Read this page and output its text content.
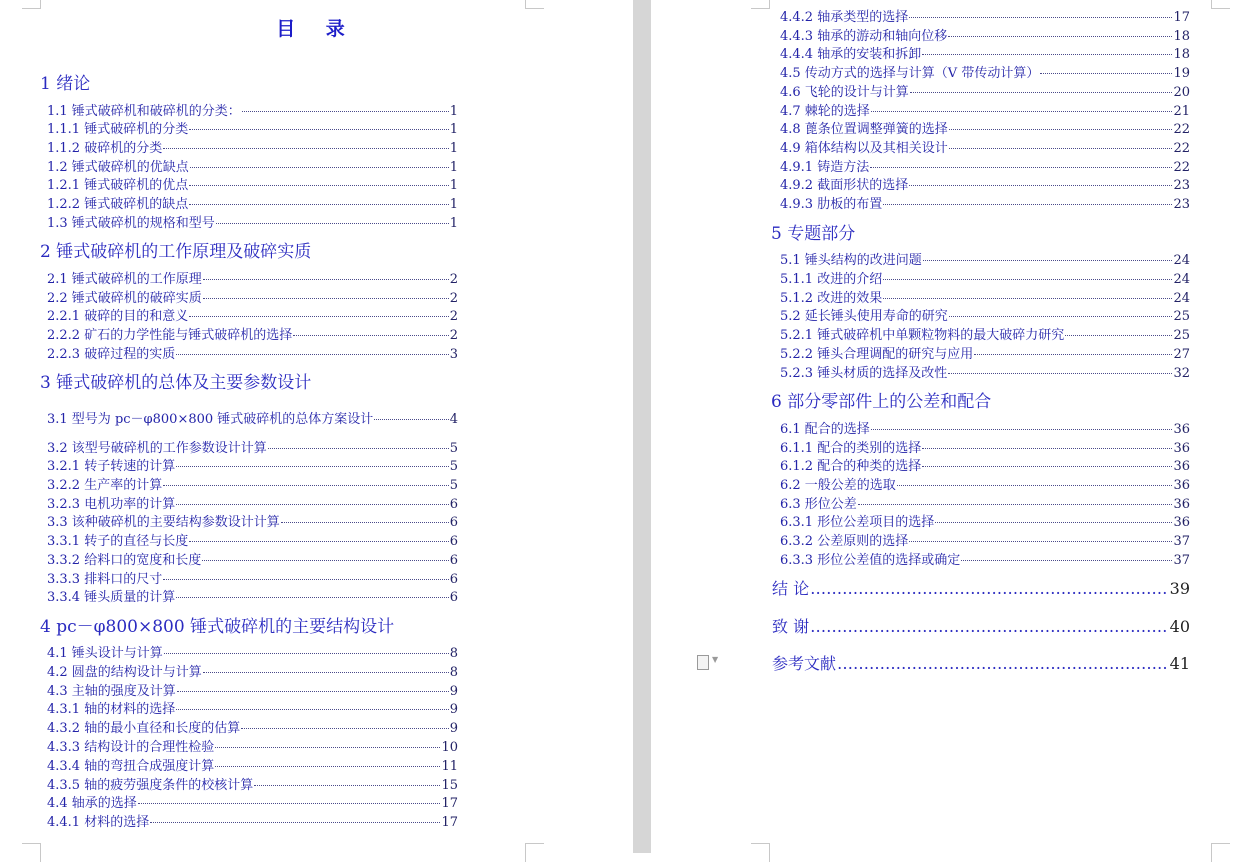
目 录
1 绪论
1.1 锤式破碎机和破碎机的分类：	1
1.1.1 锤式破碎机的分类	1
1.1.2 破碎机的分类	1
1.2 锤式破碎机的优缺点	1
1.2.1 锤式破碎机的优点	1
1.2.2 锤式破碎机的缺点	1
1.3 锤式破碎机的规格和型号	1
2 锤式破碎机的工作原理及破碎实质
2.1 锤式破碎机的工作原理	2
2.2 锤式破碎机的破碎实质	2
2.2.1 破碎的目的和意义	2
2.2.2 矿石的力学性能与锤式破碎机的选择	2
2.2.3 破碎过程的实质	3
3 锤式破碎机的总体及主要参数设计
3.1 型号为 pc－φ800×800 锤式破碎机的总体方案设计	4
3.2 该型号破碎机的工作参数设计计算	5
3.2.1 转子转速的计算	5
3.2.2 生产率的计算	5
3.2.3 电机功率的计算	6
3.3 该种破碎机的主要结构参数设计计算	6
3.3.1 转子的直径与长度	6
3.3.2 给料口的宽度和长度	6
3.3.3 排料口的尺寸	6
3.3.4 锤头质量的计算	6
4 pc－φ800×800 锤式破碎机的主要结构设计
4.1 锤头设计与计算	8
4.2 圆盘的结构设计与计算	8
4.3 主轴的强度及计算	9
4.3.1 轴的材料的选择	9
4.3.2 轴的最小直径和长度的估算	9
4.3.3 结构设计的合理性检验	10
4.3.4 轴的弯扭合成强度计算	11
4.3.5 轴的疲劳强度条件的校核计算	15
4.4 轴承的选择	17
4.4.1 材料的选择	17
4.4.2 轴承类型的选择	17
4.4.3 轴承的游动和轴向位移	18
4.4.4 轴承的安装和拆卸	18
4.5 传动方式的选择与计算（V 带传动计算）	19
4.6 飞轮的设计与计算	20
4.7 棘轮的选择	21
4.8 蓖条位置调整弹簧的选择	22
4.9 箱体结构以及其相关设计	22
4.9.1 铸造方法	22
4.9.2 截面形状的选择	23
4.9.3 肋板的布置	23
5 专题部分
5.1 锤头结构的改进问题	24
5.1.1 改进的介绍	24
5.1.2 改进的效果	24
5.2 延长锤头使用寿命的研究	25
5.2.1 锤式破碎机中单颗粒物料的最大破碎力研究	25
5.2.2 锤头合理调配的研究与应用	27
5.2.3 锤头材质的选择及改性	32
6 部分零部件上的公差和配合
6.1 配合的选择	36
6.1.1 配合的类别的选择	36
6.1.2 配合的种类的选择	36
6.2 一般公差的选取	36
6.3 形位公差	36
6.3.1 形位公差项目的选择	36
6.3.2 公差原则的选择	37
6.3.3 形位公差值的选择或确定	37
结 论 ………………………………………………………………………………………………………………………	39
致 谢 ………………………………………………………………………………………………………………………	40
参考文献 ………………………………………………………………………………………………………………………	41
▼
